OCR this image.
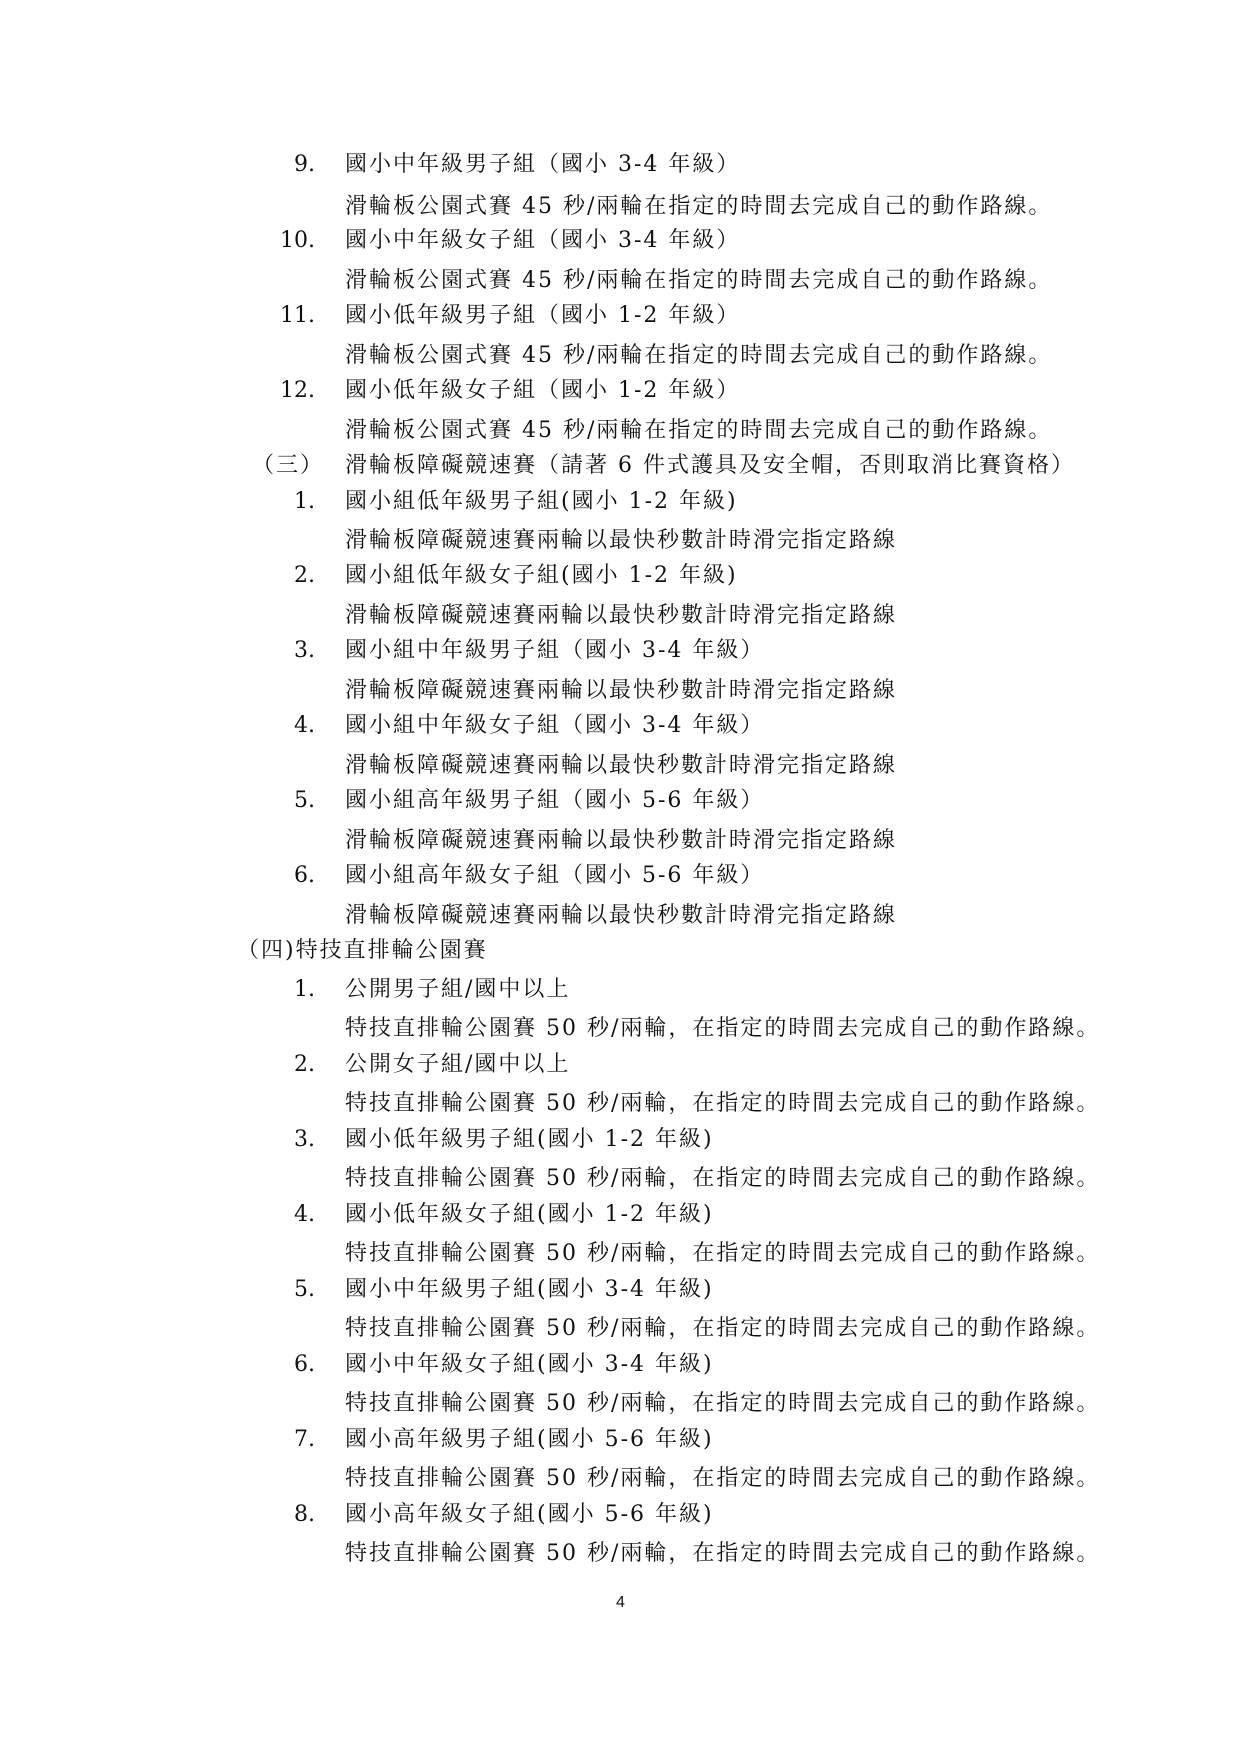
9. 國小中年級男子組（國小 3-4 年級）
滑輪板公園式賽 45 秒/兩輪在指定的時間去完成自己的動作路線。
10. 國小中年級女子組（國小 3-4 年級）
滑輪板公園式賽 45 秒/兩輪在指定的時間去完成自己的動作路線。
11. 國小低年級男子組（國小 1-2 年級）
滑輪板公園式賽 45 秒/兩輪在指定的時間去完成自己的動作路線。
12. 國小低年級女子組（國小 1-2 年級）
滑輪板公園式賽 45 秒/兩輪在指定的時間去完成自己的動作路線。
（三） 滑輪板障礙競速賽（請著 6 件式護具及安全帽，否則取消比賽資格）
1. 國小組低年級男子組(國小 1-2 年級)
滑輪板障礙競速賽兩輪以最快秒數計時滑完指定路線
2. 國小組低年級女子組(國小 1-2 年級)
滑輪板障礙競速賽兩輪以最快秒數計時滑完指定路線
3. 國小組中年級男子組（國小 3-4 年級）
滑輪板障礙競速賽兩輪以最快秒數計時滑完指定路線
4. 國小組中年級女子組（國小 3-4 年級）
滑輪板障礙競速賽兩輪以最快秒數計時滑完指定路線
5. 國小組高年級男子組（國小 5-6 年級）
滑輪板障礙競速賽兩輪以最快秒數計時滑完指定路線
6. 國小組高年級女子組（國小 5-6 年級）
滑輪板障礙競速賽兩輪以最快秒數計時滑完指定路線
（四)特技直排輪公園賽
1. 公開男子組/國中以上
特技直排輪公園賽 50 秒/兩輪，在指定的時間去完成自己的動作路線。
2. 公開女子組/國中以上
特技直排輪公園賽 50 秒/兩輪，在指定的時間去完成自己的動作路線。
3. 國小低年級男子組(國小 1-2 年級)
特技直排輪公園賽 50 秒/兩輪，在指定的時間去完成自己的動作路線。
4. 國小低年級女子組(國小 1-2 年級)
特技直排輪公園賽 50 秒/兩輪，在指定的時間去完成自己的動作路線。
5. 國小中年級男子組(國小 3-4 年級)
特技直排輪公園賽 50 秒/兩輪，在指定的時間去完成自己的動作路線。
6. 國小中年級女子組(國小 3-4 年級)
特技直排輪公園賽 50 秒/兩輪，在指定的時間去完成自己的動作路線。
7. 國小高年級男子組(國小 5-6 年級)
特技直排輪公園賽 50 秒/兩輪，在指定的時間去完成自己的動作路線。
8. 國小高年級女子組(國小 5-6 年級)
特技直排輪公園賽 50 秒/兩輪，在指定的時間去完成自己的動作路線。
4
